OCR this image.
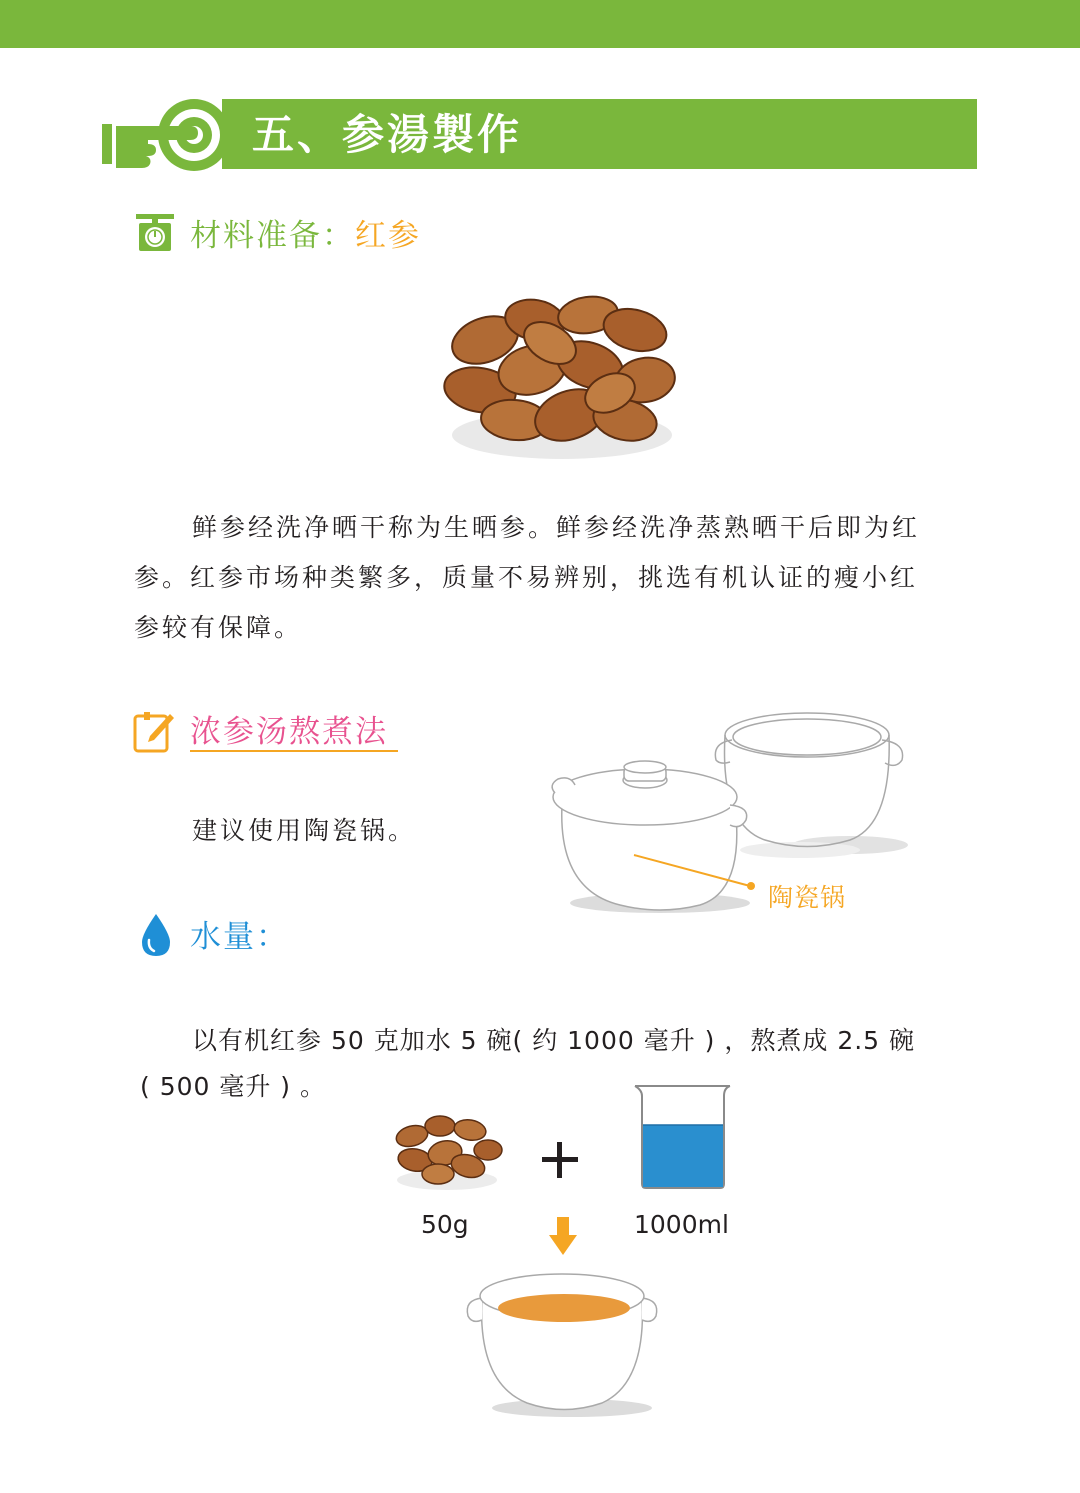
五、参湯製作
材料准备：红参
鲜参经洗净晒干称为生晒参。鲜参经洗净蒸熟晒干后即为红
参。红参市场种类繁多，质量不易辨别，挑选有机认证的瘦小红
参较有保障。
浓参汤熬煮法
建议使用陶瓷锅。
陶瓷锅
水量：
以有机红参 50 克加水 5 碗( 约 1000 毫升 ) ，熬煮成 2.5 碗
( 500 毫升 ) 。
50g	1000ml
